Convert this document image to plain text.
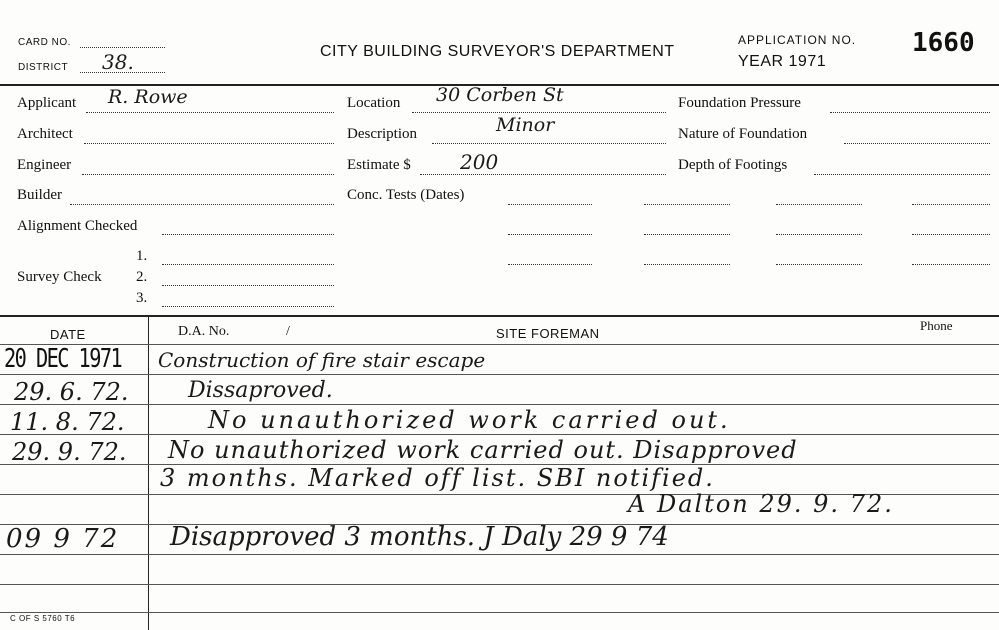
CARD NO.
DISTRICT 38.	CITY BUILDING SURVEYOR'S DEPARTMENT
APPLICATION NO. 1660
YEAR 1971
Applicant R. Rowe	Location 30 Corben St	Foundation Pressure
Architect	Description	Minor	Nature of Foundation
Engineer	Estimate $ 200	Depth of Footings
Builder	Conc. Tests (Dates)
Alignment Checked
Survey Check
1.
2.
3.
DATE	D.A. No.	/	SITE FOREMAN
Phone
20 DEC 1971 Construction of fire stair escape
29. 6. 72.	Dissaproved.
11. 8. 72.	No unauthorized work carried out.
29. 9. 72. No unauthorized work carried out. Disapproved
3 months. Marked off list. SBI notified.
A Dalton 29. 9. 72.
09 9 72 Disapproved 3 months. J Daly 29 9 74
C OF S 5760 T6
